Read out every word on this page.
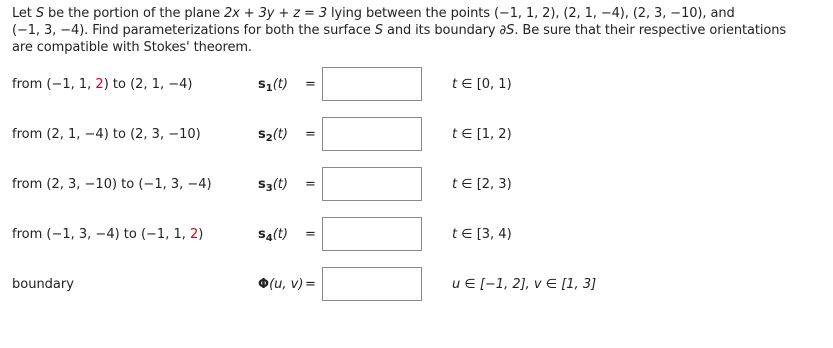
Let S be the portion of the plane 2x + 3y + z = 3 lying between the points (−1, 1, 2), (2, 1, −4), (2, 3, −10), and
(−1, 3, −4). Find parameterizations for both the surface S and its boundary ∂S. Be sure that their respective orientations
are compatible with Stokes' theorem.
from (−1, 1, 2) to (2, 1, −4)	$s_1(t)$ =	t ∈ [0, 1)
from (2, 1, −4) to (2, 3, −10)	$s_2(t)$ =	t ∈ [1, 2)
from (2, 3, −10) to (−1, 3, −4)	$s_3(t)$ =	t ∈ [2, 3)
from (−1, 3, −4) to (−1, 1, 2)	$s_4(t)$ =	t ∈ [3, 4)
boundary	Φ(u, v) =	u ∈ [−1, 2], v ∈ [1, 3]
